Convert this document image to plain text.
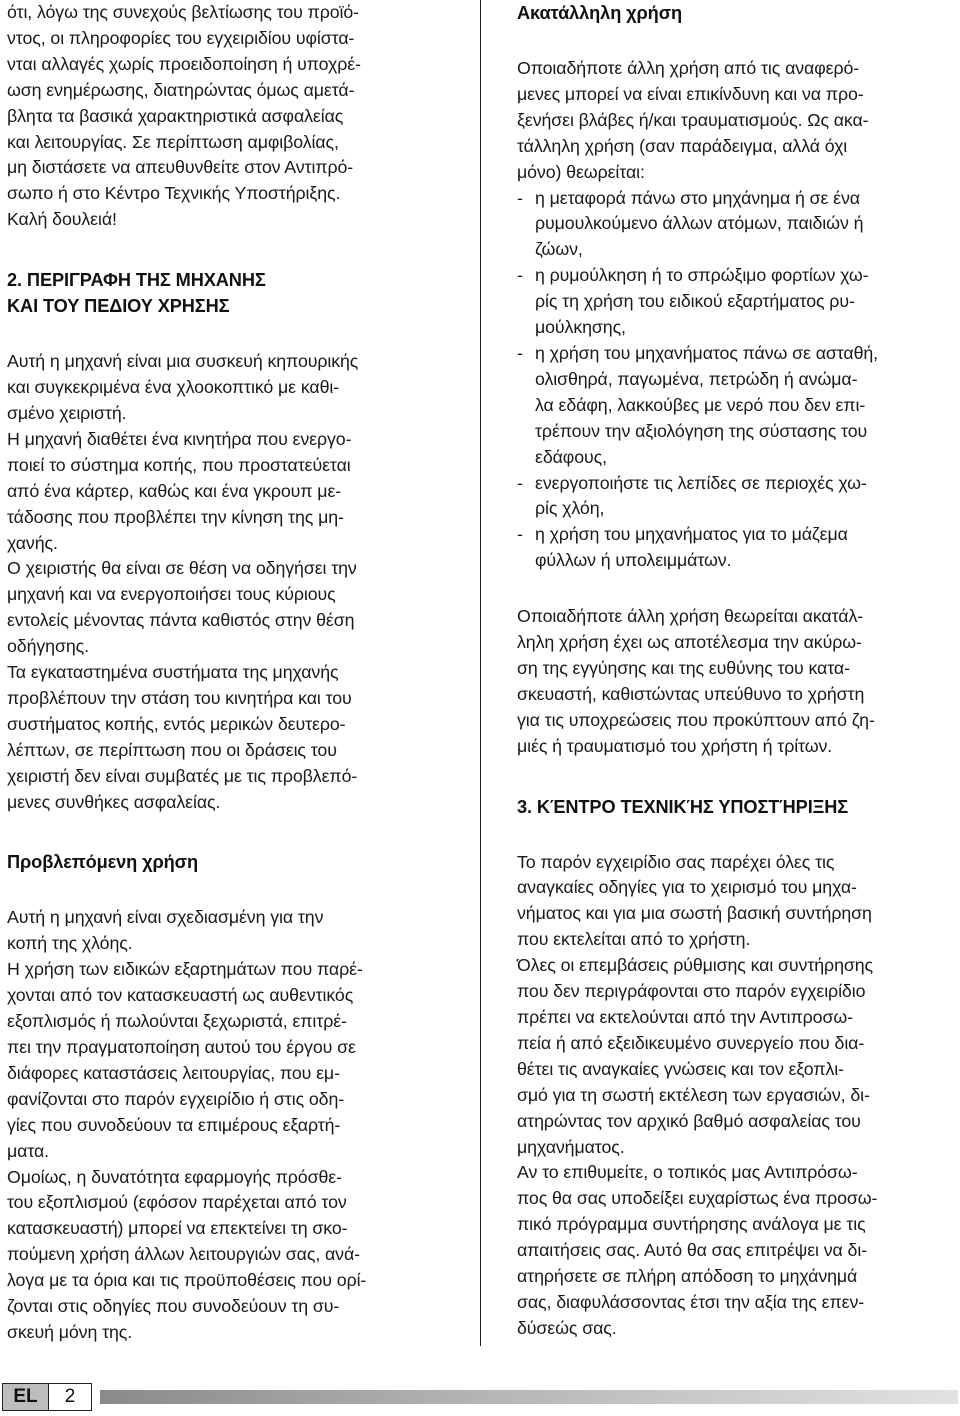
ότι, λόγω της συνεχούς βελτίωσης του προϊό-
ντος, οι πληροφορίες του εγχειριδίου υφίστα-
νται αλλαγές χωρίς προειδοποίηση ή υποχρέ-
ωση ενημέρωσης, διατηρώντας όμως αμετά-
βλητα τα βασικά χαρακτηριστικά ασφαλείας
και λειτουργίας. Σε περίπτωση αμφιβολίας,
μη διστάσετε να απευθυνθείτε στον Αντιπρό-
σωπο ή στο Κέντρο Τεχνικής Υποστήριξης.
Καλή δουλειά!

2. ΠΕΡΙΓΡΑΦΗ ΤΗΣ ΜΗΧΑΝΗΣ
ΚΑΙ ΤΟΥ ΠΕΔΙΟΥ ΧΡΗΣΗΣ

Αυτή η μηχανή είναι μια συσκευή κηπουρικής
και συγκεκριμένα ένα χλοοκοπτικό με καθι-
σμένο χειριστή.
Η μηχανή διαθέτει ένα κινητήρα που ενεργο-
ποιεί το σύστημα κοπής, που προστατεύεται
από ένα κάρτερ, καθώς και ένα γκρουπ με-
τάδοσης που προβλέπει την κίνηση της μη-
χανής.
Ο χειριστής θα είναι σε θέση να οδηγήσει την
μηχανή και να ενεργοποιήσει τους κύριους
εντολείς μένοντας πάντα καθιστός στην θέση
οδήγησης.
Τα εγκαταστημένα συστήματα της μηχανής
προβλέπουν την στάση του κινητήρα και του
συστήματος κοπής, εντός μερικών δευτερο-
λέπτων, σε περίπτωση που οι δράσεις του
χειριστή δεν είναι συμβατές με τις προβλεπό-
μενες συνθήκες ασφαλείας.

Προβλεπόμενη χρήση

Αυτή η μηχανή είναι σχεδιασμένη για την
κοπή της χλόης.
Η χρήση των ειδικών εξαρτημάτων που παρέ-
χονται από τον κατασκευαστή ως αυθεντικός
εξοπλισμός ή πωλούνται ξεχωριστά, επιτρέ-
πει την πραγματοποίηση αυτού του έργου σε
διάφορες καταστάσεις λειτουργίας, που εμ-
φανίζονται στο παρόν εγχειρίδιο ή στις οδη-
γίες που συνοδεύουν τα επιμέρους εξαρτή-
ματα.
Ομοίως, η δυνατότητα εφαρμογής πρόσθε-
του εξοπλισμού (εφόσον παρέχεται από τον
κατασκευαστή) μπορεί να επεκτείνει τη σκο-
πούμενη χρήση άλλων λειτουργιών σας, ανά-
λογα με τα όρια και τις προϋποθέσεις που ορί-
ζονται στις οδηγίες που συνοδεύουν τη συ-
σκευή μόνη της.

Ακατάλληλη χρήση

Οποιαδήποτε άλλη χρήση από τις αναφερό-
μενες μπορεί να είναι επικίνδυνη και να προ-
ξενήσει βλάβες ή/και τραυματισμούς. Ως ακα-
τάλληλη χρήση (σαν παράδειγμα, αλλά όχι
μόνο) θεωρείται:

- η μεταφορά πάνω στο μηχάνημα ή σε ένα
ρυμουλκούμενο άλλων ατόμων, παιδιών ή
ζώων,
- η ρυμούλκηση ή το σπρώξιμο φορτίων χω-
ρίς τη χρήση του ειδικού εξαρτήματος ρυ-
μούλκησης,
- η χρήση του μηχανήματος πάνω σε ασταθή,
ολισθηρά, παγωμένα, πετρώδη ή ανώμα-
λα εδάφη, λακκούβες με νερό που δεν επι-
τρέπουν την αξιολόγηση της σύστασης του
εδάφους,
- ενεργοποιήστε τις λεπίδες σε περιοχές χω-
ρίς χλόη,
- η χρήση του μηχανήματος για το μάζεμα
φύλλων ή υπολειμμάτων.

Οποιαδήποτε άλλη χρήση θεωρείται ακατάλ-
ληλη χρήση έχει ως αποτέλεσμα την ακύρω-
ση της εγγύησης και της ευθύνης του κατα-
σκευαστή, καθιστώντας υπεύθυνο το χρήστη
για τις υποχρεώσεις που προκύπτουν από ζη-
μιές ή τραυματισμό του χρήστη ή τρίτων.

3. ΚΈΝΤΡΟ ΤΕΧΝΙΚΉΣ ΥΠΟΣΤΉΡΙΞΗΣ

Το παρόν εγχειρίδιο σας παρέχει όλες τις
αναγκαίες οδηγίες για το χειρισμό του μηχα-
νήματος και για μια σωστή βασική συντήρηση
που εκτελείται από το χρήστη.
Όλες οι επεμβάσεις ρύθμισης και συντήρησης
που δεν περιγράφονται στο παρόν εγχειρίδιο
πρέπει να εκτελούνται από την Αντιπροσω-
πεία ή από εξειδικευμένο συνεργείο που δια-
θέτει τις αναγκαίες γνώσεις και τον εξοπλι-
σμό για τη σωστή εκτέλεση των εργασιών, δι-
ατηρώντας τον αρχικό βαθμό ασφαλείας του
μηχανήματος.
Αν το επιθυμείτε, ο τοπικός μας Αντιπρόσω-
πος θα σας υποδείξει ευχαρίστως ένα προσω-
πικό πρόγραμμα συντήρησης ανάλογα με τις
απαιτήσεις σας. Αυτό θα σας επιτρέψει να δι-
ατηρήσετε σε πλήρη απόδοση το μηχάνημά
σας, διαφυλάσσοντας έτσι την αξία της επεν-
δύσεώς σας.

EL	2
